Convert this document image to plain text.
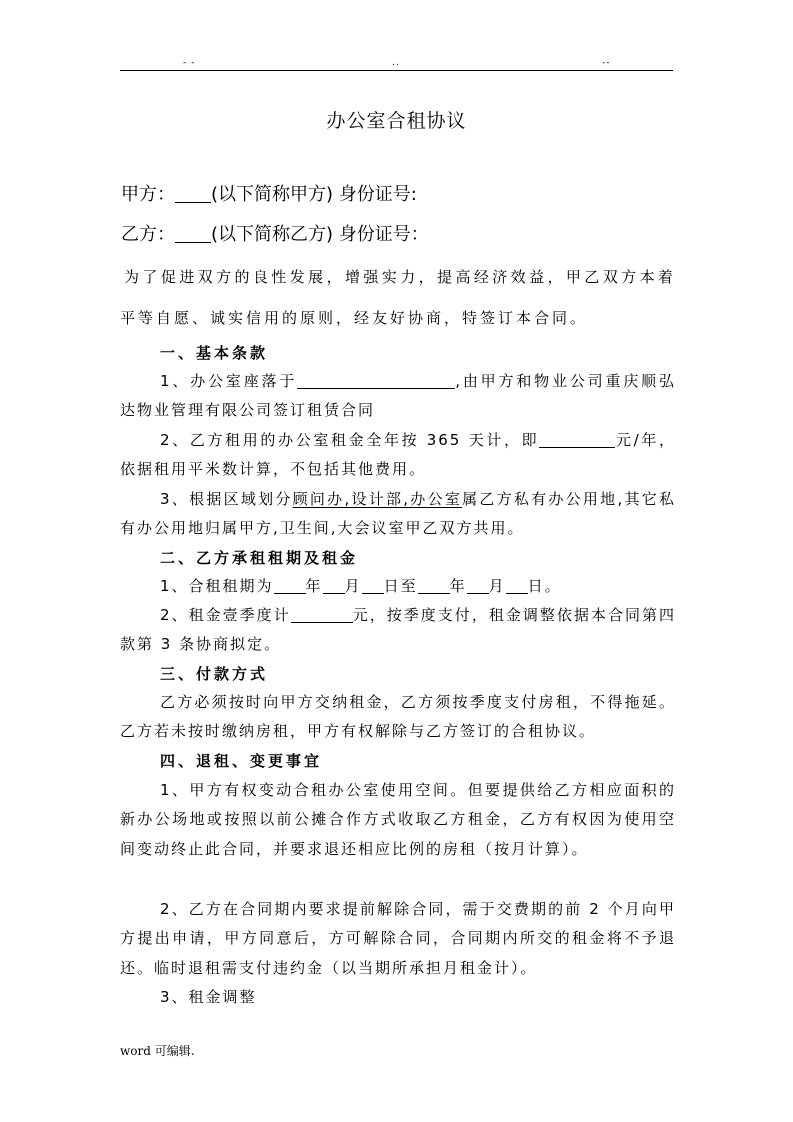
- -	..	--
办公室合租协议
甲方： (以下简称甲方) 身份证号:
乙方： (以下简称乙方) 身份证号：
为了促进双方的良性发展，增强实力，提高经济效益，甲乙双方本着平等自愿、诚实信用的原则，经友好协商，特签订本合同。
一、基本条款
1、办公室座落于	,由甲方和物业公司重庆顺弘达物业管理有限公司签订租赁合同
2、乙方租用的办公室租金全年按 365 天计，即	元/年，依据租用平米数计算，不包括其他费用。
3、根据区域划分顾问办,设计部,办公室属乙方私有办公用地,其它私有办公用地归属甲方,卫生间,大会议室甲乙双方共用。
二、乙方承租租期及租金
1、合租租期为 年 月 日至 年 月 日。
2、租金壹季度计	元，按季度支付，租金调整依据本合同第四款第 3 条协商拟定。
三、付款方式
乙方必须按时向甲方交纳租金，乙方须按季度支付房租，不得拖延。乙方若未按时缴纳房租，甲方有权解除与乙方签订的合租协议。
四、退租、变更事宜
1、甲方有权变动合租办公室使用空间。但要提供给乙方相应面积的新办公场地或按照以前公摊合作方式收取乙方租金，乙方有权因为使用空间变动终止此合同，并要求退还相应比例的房租（按月计算）。
2、乙方在合同期内要求提前解除合同，需于交费期的前 2 个月向甲方提出申请，甲方同意后，方可解除合同，合同期内所交的租金将不予退还。临时退租需支付违约金（以当期所承担月租金计）。
3、租金调整
word 可编辑.
